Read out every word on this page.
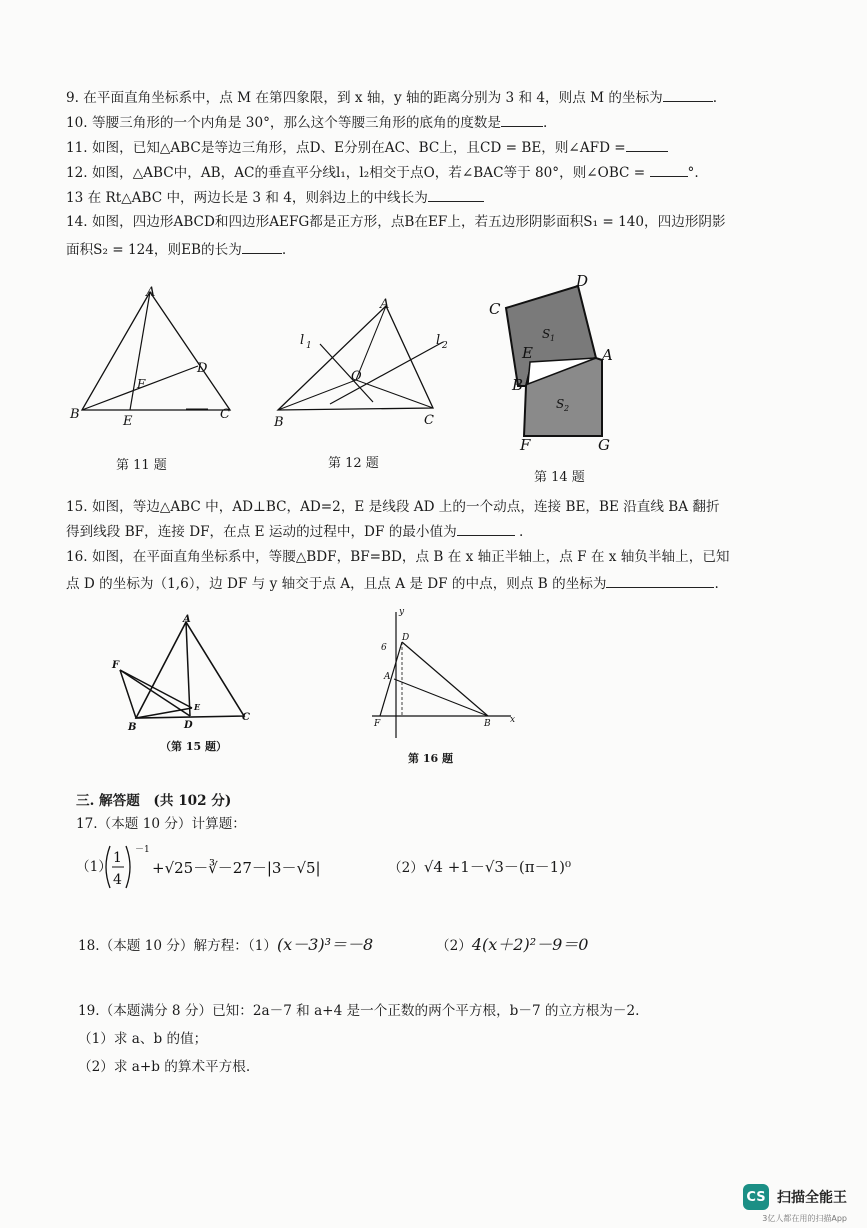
9. 在平面直角坐标系中，点 M 在第四象限，到 x 轴，y 轴的距离分别为 3 和 4，则点 M 的坐标为	.
10. 等腰三角形的一个内角是 30°，那么这个等腰三角形的底角的度数是	.
11. 如图，已知△ABC是等边三角形，点D、E分别在AC、BC上，且CD = BE，则∠AFD =
12. 如图，△ABC中，AB，AC的垂直平分线l₁，l₂相交于点O，若∠BAC等于 80°，则∠OBC =	°.
13 在 Rt△ABC 中，两边长是 3 和 4，则斜边上的中线长为
14. 如图，四边形ABCD和四边形AEFG都是正方形，点B在EF上，若五边形阴影面积S₁ = 140，四边形阴影
面积S₂ = 124，则EB的长为	.
A
B	C
D
E
F
第 11 题
A
B	C
O
l 1	l 2
第 12 题
C
D
A
E
B
F	G
S 1
S 2
第 14 题
15. 如图，等边△ABC 中，AD⊥BC，AD=2，E 是线段 AD 上的一个动点，连接 BE，BE 沿直线 BA 翻折
得到线段 BF，连接 DF，在点 E 运动的过程中，DF 的最小值为	.
16. 如图，在平面直角坐标系中，等腰△BDF，BF=BD，点 B 在 x 轴正半轴上，点 F 在 x 轴负半轴上，已知
点 D 的坐标为（1,6），边 DF 与 y 轴交于点 A，且点 A 是 DF 的中点，则点 B 的坐标为	.
A
B
C
D
E
F
（第 15 题）
y
x
D
A
F	B
6
第 16 题
三. 解答题　(共 102 分)
17.（本题 10 分）计算题：
（1）
1
4
－1
+√25－∛－27－|3－√5|	（2）√4 +1－√3－(π－1)⁰
18.（本题 10 分）解方程：（1）(x－3)³＝－8	（2）4(x＋2)²－9＝0
19.（本题满分 8 分）已知：2a－7 和 a+4 是一个正数的两个平方根，b－7 的立方根为－2.
（1）求 a、b 的值；
（2）求 a+b 的算术平方根.
CS 扫描全能王
3亿人都在用的扫描App
